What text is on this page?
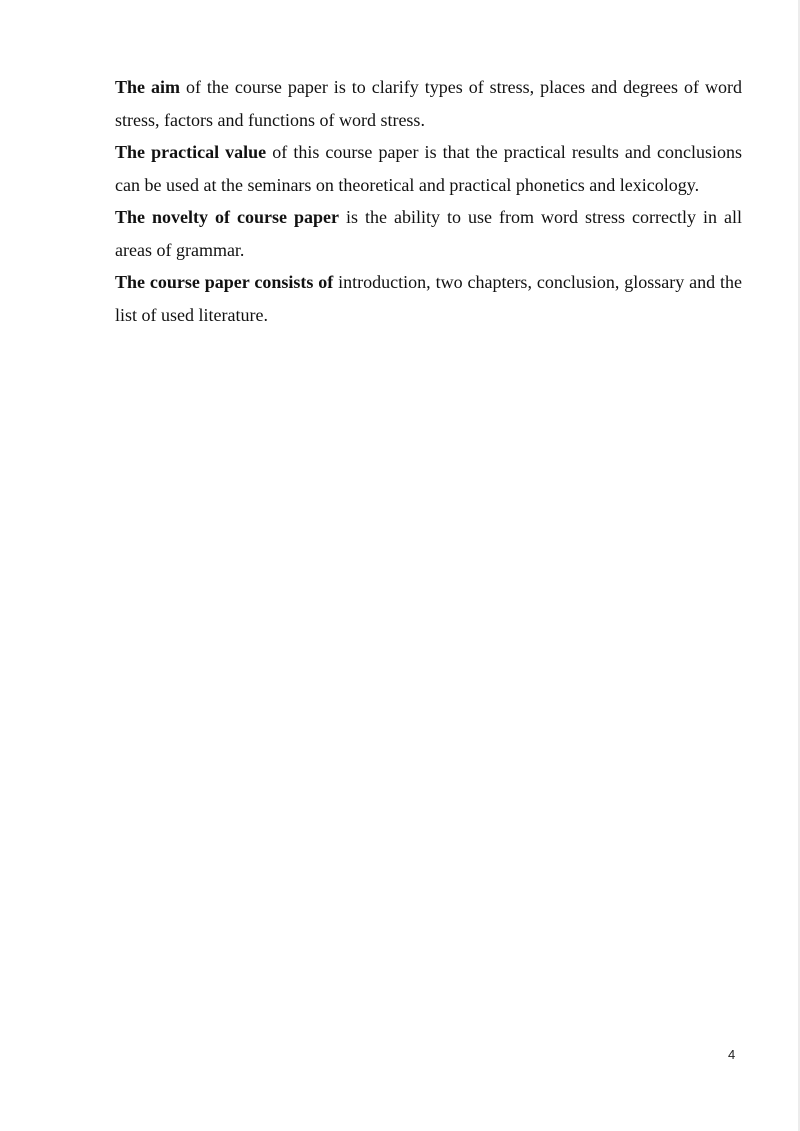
The aim of the course paper is to clarify types of stress, places and degrees of word stress, factors and functions of word stress.

The practical value of this course paper is that the practical results and conclusions can be used at the seminars on theoretical and practical phonetics and lexicology.

The novelty of course paper is the ability to use from word stress correctly in all areas of grammar.

The course paper consists of introduction, two chapters, conclusion, glossary and the list of used literature.

4
